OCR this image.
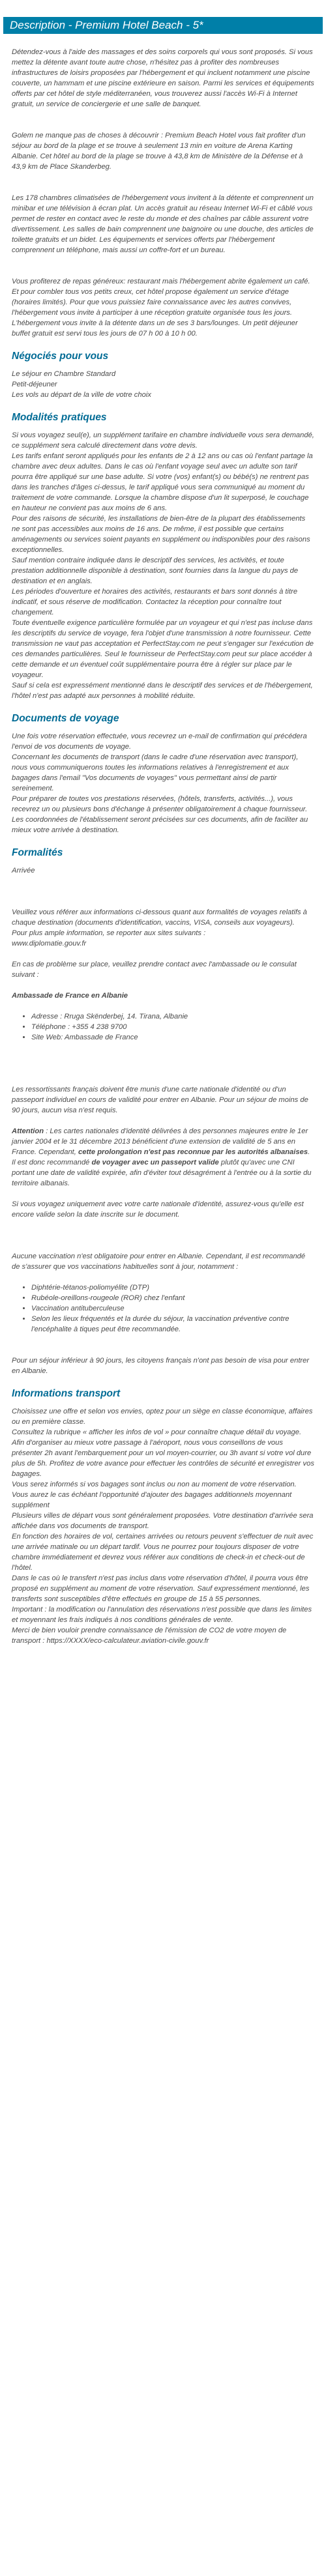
Description - Premium Hotel Beach - 5*

Détendez-vous à l'aide des massages et des soins corporels qui vous sont proposés. Si vous mettez la détente avant toute autre chose, n'hésitez pas à profiter des nombreuses infrastructures de loisirs proposées par l'hébergement et qui incluent notamment une piscine couverte, un hammam et une piscine extérieure en saison. Parmi les services et équipements offerts par cet hôtel de style méditerranéen, vous trouverez aussi l'accès Wi-Fi à Internet gratuit, un service de conciergerie et une salle de banquet.

Golem ne manque pas de choses à découvrir : Premium Beach Hotel vous fait profiter d'un séjour au bord de la plage et se trouve à seulement 13 min en voiture de Arena Karting Albanie. Cet hôtel au bord de la plage se trouve à 43,8 km de Ministère de la Défense et à 43,9 km de Place Skanderbeg.

Les 178 chambres climatisées de l'hébergement vous invitent à la détente et comprennent un minibar et une télévision à écran plat. Un accès gratuit au réseau Internet Wi-Fi et câblé vous permet de rester en contact avec le reste du monde et des chaînes par câble assurent votre divertissement. Les salles de bain comprennent une baignoire ou une douche, des articles de toilette gratuits et un bidet. Les équipements et services offerts par l'hébergement comprennent un téléphone, mais aussi un coffre-fort et un bureau.

Vous profiterez de repas généreux: restaurant mais l'hébergement abrite également un café. Et pour combler tous vos petits creux, cet hôtel propose également un service d'étage (horaires limités). Pour que vous puissiez faire connaissance avec les autres convives, l'hébergement vous invite à participer à une réception gratuite organisée tous les jours. L'hébergement vous invite à la détente dans un de ses 3 bars/lounges. Un petit déjeuner buffet gratuit est servi tous les jours de 07 h 00 à 10 h 00.

Négociés pour vous

Le séjour en Chambre Standard

Petit-déjeuner

Les vols au départ de la ville de votre choix

Modalités pratiques

Si vous voyagez seul(e), un supplément tarifaire en chambre individuelle vous sera demandé, ce supplément sera calculé directement dans votre devis.

Les tarifs enfant seront appliqués pour les enfants de 2 à 12 ans ou cas où l'enfant partage la chambre avec deux adultes. Dans le cas où l'enfant voyage seul avec un adulte son tarif pourra être appliqué sur une base adulte. Si votre (vos) enfant(s) ou bébé(s) ne rentrent pas dans les tranches d'âges ci-dessus, le tarif appliqué vous sera communiqué au moment du traitement de votre commande. Lorsque la chambre dispose d'un lit superposé, le couchage en hauteur ne convient pas aux moins de 6 ans.

Pour des raisons de sécurité, les installations de bien-être de la plupart des établissements ne sont pas accessibles aux moins de 16 ans. De même, il est possible que certains aménagements ou services soient payants en supplément ou indisponibles pour des raisons exceptionnelles.

Sauf mention contraire indiquée dans le descriptif des services, les activités, et toute prestation additionnelle disponible à destination, sont fournies dans la langue du pays de destination et en anglais.

Les périodes d'ouverture et horaires des activités, restaurants et bars sont donnés à titre indicatif, et sous réserve de modification. Contactez la réception pour connaître tout changement.

Toute éventuelle exigence particulière formulée par un voyageur et qui n'est pas incluse dans les descriptifs du service de voyage, fera l'objet d'une transmission à notre fournisseur. Cette transmission ne vaut pas acceptation et PerfectStay.com ne peut s'engager sur l'exécution de ces demandes particulières. Seul le fournisseur de PerfectStay.com peut sur place accéder à cette demande et un éventuel coût supplémentaire pourra être à régler sur place par le voyageur.

Sauf si cela est expressément mentionné dans le descriptif des services et de l'hébergement, l'hôtel n'est pas adapté aux personnes à mobilité réduite.

Documents de voyage

Une fois votre réservation effectuée, vous recevrez un e-mail de confirmation qui précédera l'envoi de vos documents de voyage.

Concernant les documents de transport (dans le cadre d'une réservation avec transport), nous vous communiquerons toutes les informations relatives à l'enregistrement et aux bagages dans l'email "Vos documents de voyages" vous permettant ainsi de partir sereinement.

Pour préparer de toutes vos prestations réservées, (hôtels, transferts, activités...), vous recevrez un ou plusieurs bons d'échange à présenter obligatoirement à chaque fournisseur.

Les coordonnées de l'établissement seront précisées sur ces documents, afin de faciliter au mieux votre arrivée à destination.

Formalités

Arrivée

Veuillez vous référer aux informations ci-dessous quant aux formalités de voyages relatifs à chaque destination (documents d'identification, vaccins, VISA, conseils aux voyageurs).

Pour plus ample information, se reporter aux sites suivants :

www.diplomatie.gouv.fr

En cas de problème sur place, veuillez prendre contact avec l'ambassade ou le consulat suivant :

Ambassade de France en Albanie

• Adresse : Rruga Skënderbej, 14. Tirana, Albanie
• Téléphone : +355 4 238 9700
• Site Web: Ambassade de France

Les ressortissants français doivent être munis d'une carte nationale d'identité ou d'un passeport individuel en cours de validité pour entrer en Albanie. Pour un séjour de moins de 90 jours, aucun visa n'est requis.

Attention : Les cartes nationales d'identité délivrées à des personnes majeures entre le 1er janvier 2004 et le 31 décembre 2013 bénéficient d'une extension de validité de 5 ans en France. Cependant, cette prolongation n'est pas reconnue par les autorités albanaises. Il est donc recommandé de voyager avec un passeport valide plutôt qu'avec une CNI portant une date de validité expirée, afin d'éviter tout désagrément à l'entrée ou à la sortie du territoire albanais.

Si vous voyagez uniquement avec votre carte nationale d'identité, assurez-vous qu'elle est encore valide selon la date inscrite sur le document.

Aucune vaccination n'est obligatoire pour entrer en Albanie. Cependant, il est recommandé de s'assurer que vos vaccinations habituelles sont à jour, notamment :

• Diphtérie-tétanos-poliomyélite (DTP)
• Rubéole-oreillons-rougeole (ROR) chez l'enfant
• Vaccination antituberculeuse
• Selon les lieux fréquentés et la durée du séjour, la vaccination préventive contre l'encéphalite à tiques peut être recommandée.

Pour un séjour inférieur à 90 jours, les citoyens français n'ont pas besoin de visa pour entrer en Albanie.

Informations transport

Choisissez une offre et selon vos envies, optez pour un siège en classe économique, affaires ou en première classe.

Consultez la rubrique « afficher les infos de vol » pour connaître chaque détail du voyage.

Afin d'organiser au mieux votre passage à l'aéroport, nous vous conseillons de vous présenter 2h avant l'embarquement pour un vol moyen-courrier, ou 3h avant si votre vol dure plus de 5h. Profitez de votre avance pour effectuer les contrôles de sécurité et enregistrer vos bagages.

Vous serez informés si vos bagages sont inclus ou non au moment de votre réservation.

Vous aurez le cas échéant l'opportunité d'ajouter des bagages additionnels moyennant supplément

Plusieurs villes de départ vous sont généralement proposées. Votre destination d'arrivée sera affichée dans vos documents de transport.

En fonction des horaires de vol, certaines arrivées ou retours peuvent s'effectuer de nuit avec une arrivée matinale ou un départ tardif. Vous ne pourrez pour toujours disposer de votre chambre immédiatement et devrez vous référer aux conditions de check-in et check-out de l'hôtel.

Dans le cas où le transfert n'est pas inclus dans votre réservation d'hôtel, il pourra vous être proposé en supplément au moment de votre réservation. Sauf expressément mentionné, les transferts sont susceptibles d'être effectués en groupe de 15 à 55 personnes.

Important : la modification ou l'annulation des réservations n'est possible que dans les limites et moyennant les frais indiqués à nos conditions générales de vente.

Merci de bien vouloir prendre connaissance de l'émission de CO2 de votre moyen de transport : https://XXXX/eco-calculateur.aviation-civile.gouv.fr
